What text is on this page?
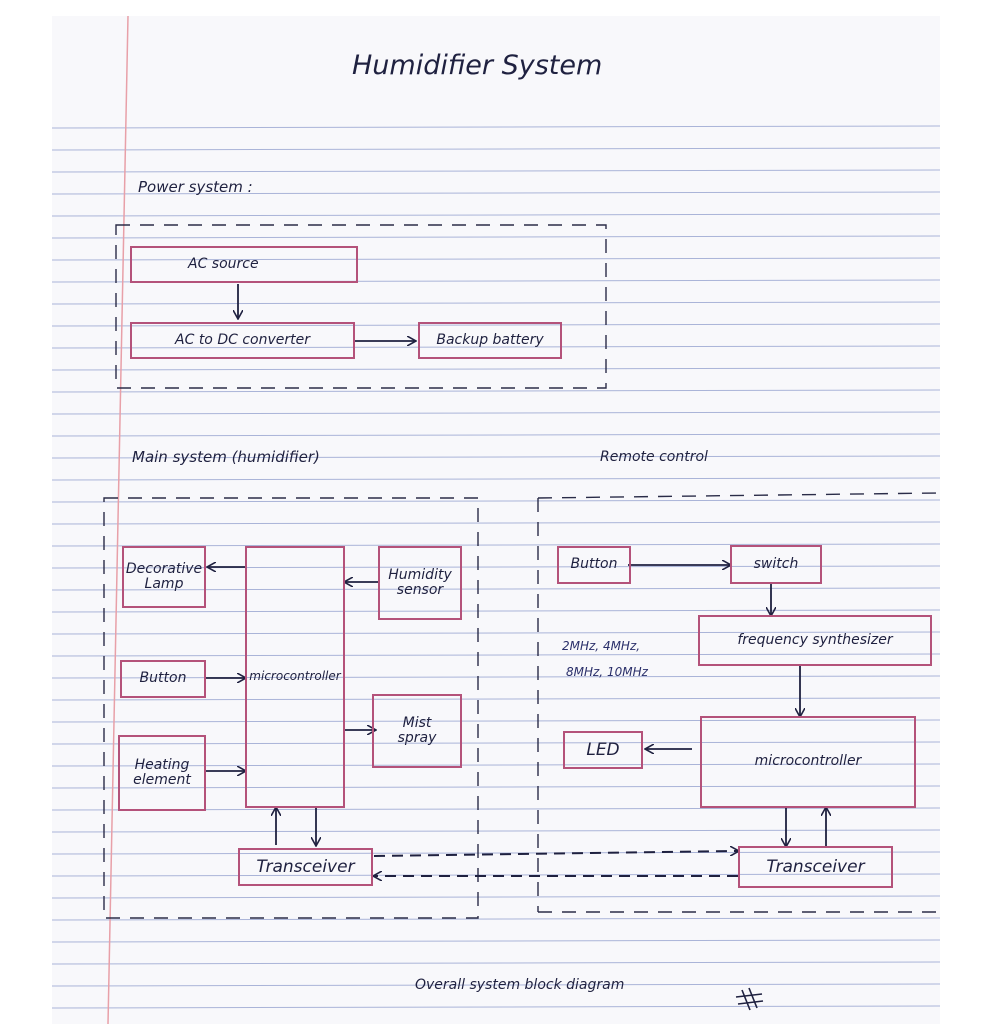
Humidifier System
Power system :
AC source
AC to DC converter	Backup battery
Main system (humidifier)
Decorative
Lamp
microcontroller
Humidity
sensor
Button
Mist
spray
Heating
element
Transceiver
Remote control
Button	switch
frequency synthesizer
2MHz, 4MHz,
8MHz, 10MHz
LED
microcontroller
Transceiver
Overall system block diagram
